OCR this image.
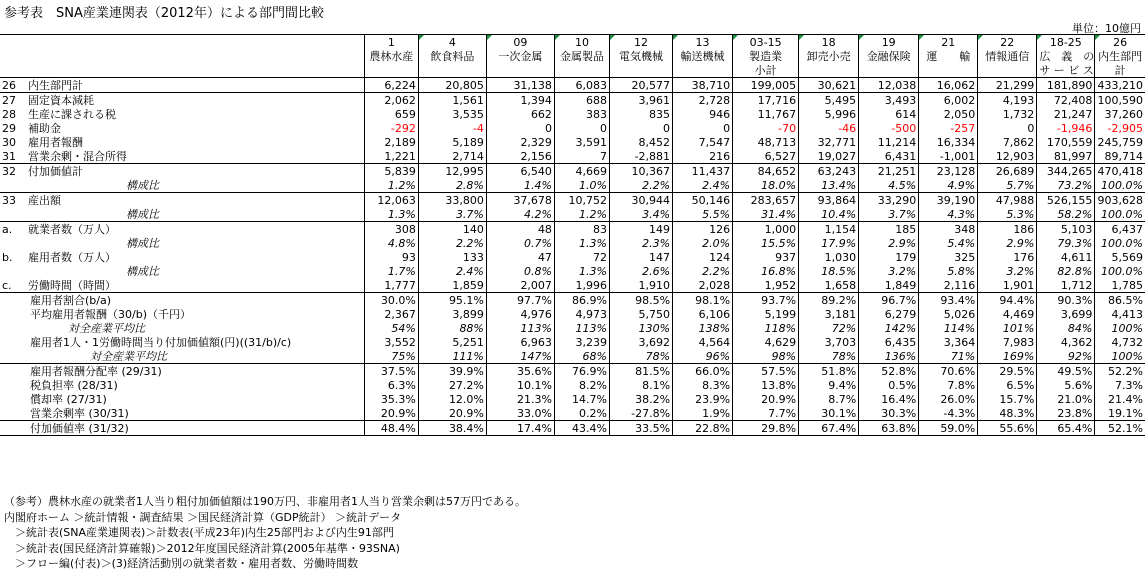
参考表　SNA産業連関表（2012年）による部門間比較
単位：10億円
		1	4	09	10	12	13	03-15	18	19	21	22	18-25	26

		農林水産	飲食料品	一次金属	金属製品	電気機械	輸送機械	製造業	卸売小売	金融保険	運　　輸	情報通信	広　義　の	内生部門
								小計					サ ー ビ ス	計
26	内生部門計	6,224	20,805	31,138	6,083	20,577	38,710	199,005	30,621	12,038	16,062	21,299	181,890	433,210
27	固定資本減耗	2,062	1,561	1,394	688	3,961	2,728	17,716	5,495	3,493	6,002	4,193	72,408	100,590
28	生産に課される税	659	3,535	662	383	835	946	11,767	5,996	614	2,050	1,732	21,247	37,260
29	補助金	-292	-4	0	0	0	0	-70	-46	-500	-257	0	-1,946	-2,905
30	雇用者報酬	2,189	5,189	2,329	3,591	8,452	7,547	48,713	32,771	11,214	16,334	7,862	170,559	245,759
31	営業余剰・混合所得	1,221	2,714	2,156	7	-2,881	216	6,527	19,027	6,431	-1,001	12,903	81,997	89,714
32	付加価値計	5,839	12,995	6,540	4,669	10,367	11,437	84,652	63,243	21,251	23,128	26,689	344,265	470,418
	構成比	1.2%	2.8%	1.4%	1.0%	2.2%	2.4%	18.0%	13.4%	4.5%	4.9%	5.7%	73.2%	100.0%
33	産出額	12,063	33,800	37,678	10,752	30,944	50,146	283,657	93,864	33,290	39,190	47,988	526,155	903,628
	構成比	1.3%	3.7%	4.2%	1.2%	3.4%	5.5%	31.4%	10.4%	3.7%	4.3%	5.3%	58.2%	100.0%
a.	就業者数（万人）	308	140	48	83	149	126	1,000	1,154	185	348	186	5,103	6,437
	構成比	4.8%	2.2%	0.7%	1.3%	2.3%	2.0%	15.5%	17.9%	2.9%	5.4%	2.9%	79.3%	100.0%
b.	雇用者数（万人）	93	133	47	72	147	124	937	1,030	179	325	176	4,611	5,569
	構成比	1.7%	2.4%	0.8%	1.3%	2.6%	2.2%	16.8%	18.5%	3.2%	5.8%	3.2%	82.8%	100.0%
c.	労働時間（時間）	1,777	1,859	2,007	1,996	1,910	2,028	1,952	1,658	1,849	2,116	1,901	1,712	1,785
	雇用者割合(b/a)	30.0%	95.1%	97.7%	86.9%	98.5%	98.1%	93.7%	89.2%	96.7%	93.4%	94.4%	90.3%	86.5%
	平均雇用者報酬（30/b)（千円）	2,367	3,899	4,976	4,973	5,750	6,106	5,199	3,181	6,279	5,026	4,469	3,699	4,413
	対全産業平均比	54%	88%	113%	113%	130%	138%	118%	72%	142%	114%	101%	84%	100%
	雇用者1人・1労働時間当り付加価値額(円)((31/b)/c)	3,552	5,251	6,963	3,239	3,692	4,564	4,629	3,703	6,435	3,364	7,983	4,362	4,732
	対全産業平均比	75%	111%	147%	68%	78%	96%	98%	78%	136%	71%	169%	92%	100%
	雇用者報酬分配率 (29/31)	37.5%	39.9%	35.6%	76.9%	81.5%	66.0%	57.5%	51.8%	52.8%	70.6%	29.5%	49.5%	52.2%
	税負担率 (28/31)	6.3%	27.2%	10.1%	8.2%	8.1%	8.3%	13.8%	9.4%	0.5%	7.8%	6.5%	5.6%	7.3%
	償却率 (27/31)	35.3%	12.0%	21.3%	14.7%	38.2%	23.9%	20.9%	8.7%	16.4%	26.0%	15.7%	21.0%	21.4%
	営業余剰率 (30/31)	20.9%	20.9%	33.0%	0.2%	-27.8%	1.9%	7.7%	30.1%	30.3%	-4.3%	48.3%	23.8%	19.1%
	付加価値率 (31/32)	48.4%	38.4%	17.4%	43.4%	33.5%	22.8%	29.8%	67.4%	63.8%	59.0%	55.6%	65.4%	52.1%
（参考）農林水産の就業者1人当り粗付加価値額は190万円、非雇用者1人当り営業余剰は57万円である。
内閣府ホーム ＞統計情報・調査結果 ＞国民経済計算（GDP統計） ＞統計データ
　＞統計表(SNA産業連関表)＞計数表(平成23年)内生25部門および内生91部門
　＞統計表(国民経済計算確報)＞2012年度国民経済計算(2005年基準・93SNA)
　＞フロー編(付表)＞(3)経済活動別の就業者数・雇用者数、労働時間数
